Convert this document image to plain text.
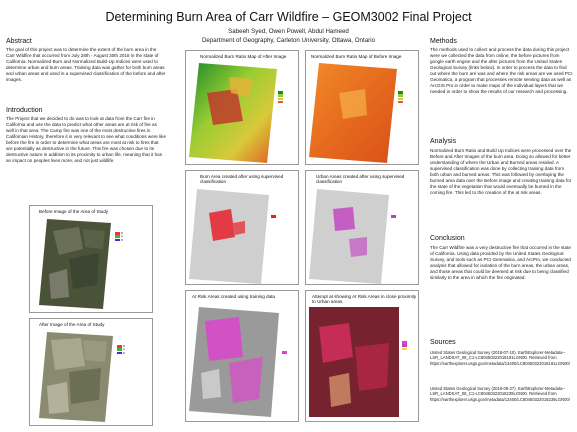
Determining Burn Area of Carr Wildfire – GEOM3002 Final Project
Sabeeh Syed, Owen Powell, Abdul Hameed
Department of Geography, Carleton University, Ottawa, Ontario
Abstract

The goal of this project was to determine the extent of the burn area in the Carr Wildfire that occurred from July 28th - August 30th 2018 in the state of California. Normalized Burn and Normalized Build-Up Indices were used to determine urban and burn areas. Training data was gather for both burn areas and urban areas and used in a supervised classification of the before and after images.

Introduction

The Project that we decided to do was to look at data from the Carr fire in California and use the data to predict what other areas are at risk of fire as well in that area. The Camp fire was one of the most destructive fires in Californian History, therefore it is very relevant to see what conditions were like before the fire in order to determine what areas are most at risk to fires that are potentially as destructive in the future. This fire was chosen due to its destructive nature in addition to its proximity to urban life, meaning that it has an impact on peoples lives more, and not just wildlife.

Before Image of the Area of Study
R
G
B
After Image of the Area of Study
R
G
B
Normalized Burn Ratio Map of After Image
Burn Area created after using supervised classification
At Risk Areas created using training data
Normalized Burn Ratio Map of Before Image
Urban Areas created after using supervised classification
Attempt at showing At Risk Areas in close proximity to Urban areas
Methods

The methods used to collect and process the data during this project were we collected the data from online, the before pictures from google earth engine and the after pictures from the United States Geological Survey (links below). In order to process the data to find out where the burn are was and where the risk areas are we used PCI Geomatica, a program that processes remote sensing data as well as ArcGIS Pro in order to make maps of the individual layers that we needed in order to show the results of our research and processing.

Analysis

Normalized Burn Ratio and Build Up Indices were processed over the Before and After Images of the burn area. Doing so allowed for better understanding of where the Urban and Burned areas resided. A supervised classification was done by collecting training data from both urban and burned areas. This was followed by overlaying the burned area data over the Before image and creating training data for the state of the vegetation that would eventually be burned in the coming fire. This led to the creation of the at risk areas.

Conclusion

The Carr Wildfire was a very destructive fire that occurred in the state of California. Using data provided by the United States Geological Survey, and tools such as PCI Geomatica, and ArcPro, we conducted analysis that allowed for isolation of the burn areas, the urban areas, and those areas that could be deemed at risk due to being classified similarly to the area in which the fire originated.

Sources

United States Geological Survey (2018-07-10). EarthExplorer-Metadata--LSR_LANDSAT_08_C1-LC80450322018191LGN00. Retrieved from https://earthexplorer.usgs.gov/metadata/13400/LC80450322018191LGN00/

United States Geological Survey (2018-08-27). EarthExplorer-Metadata--LSR_LANDSAT_08_C1-LC80450322018239LGN00. Retrieved from https://earthexplorer.usgs.gov/metadata/13400/LC80450322018239LGN00/
